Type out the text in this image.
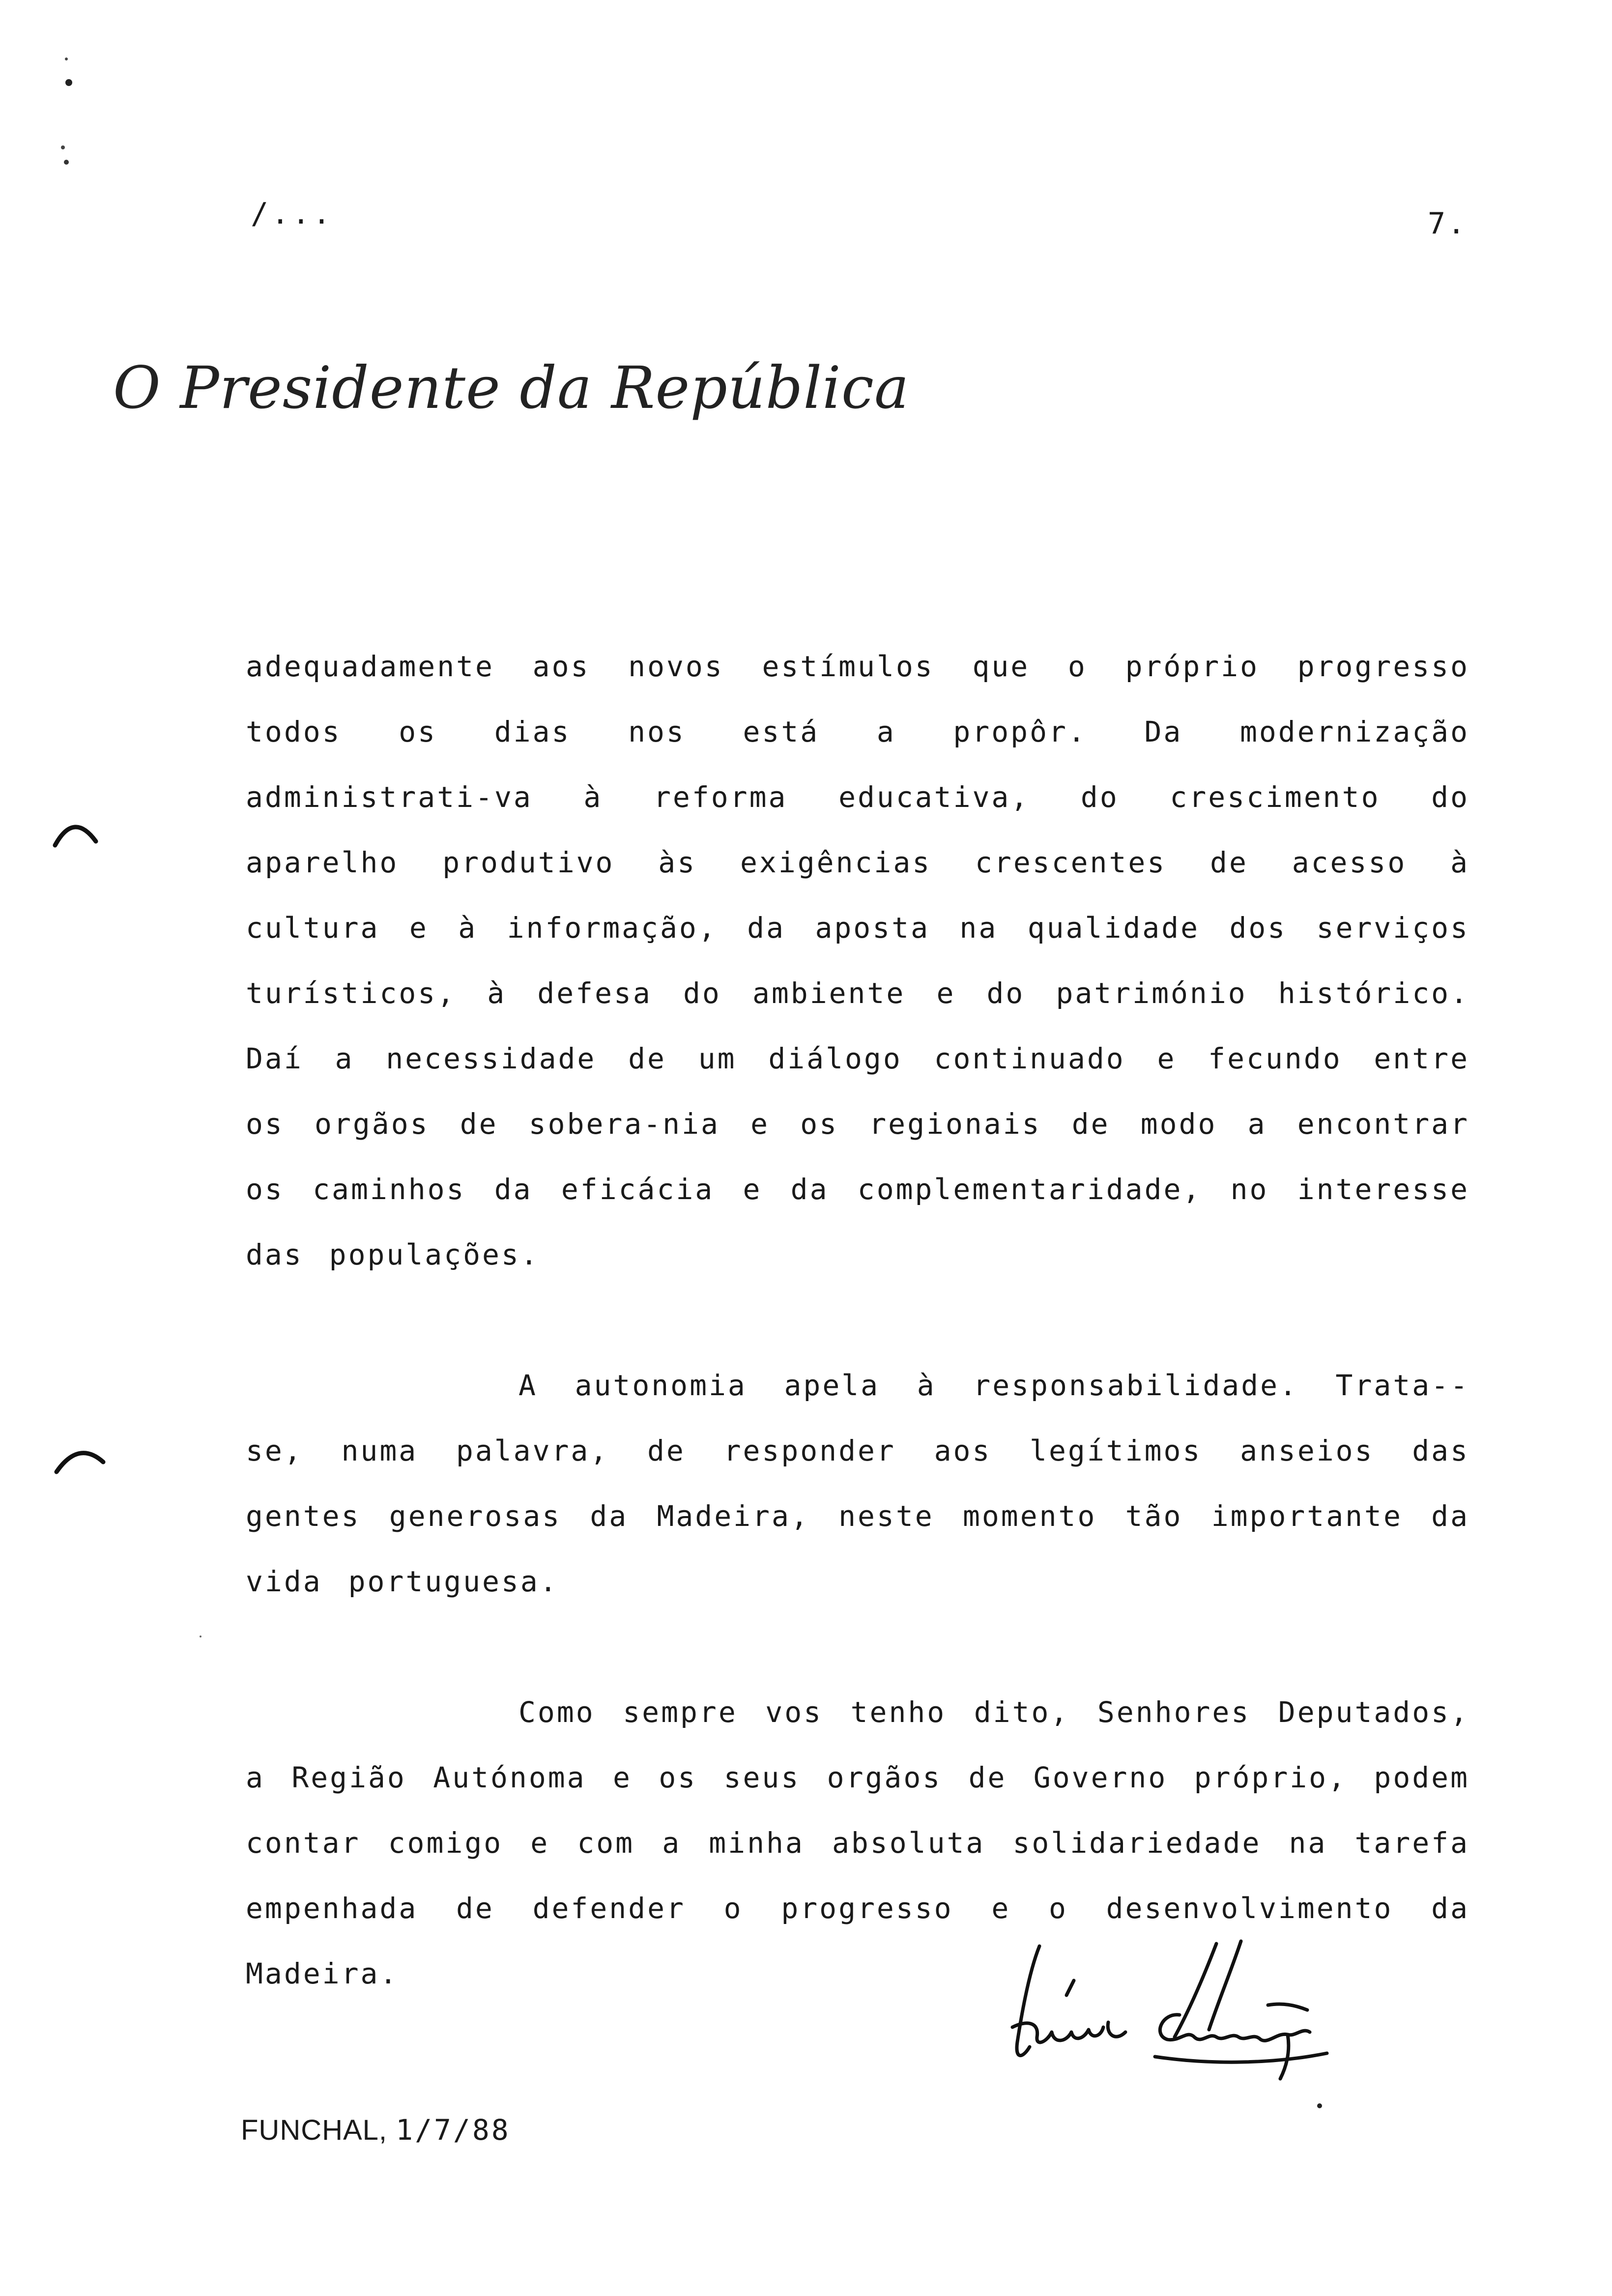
/...	7.
O Presidente da República

adequadamente aos novos estímulos que o próprio progresso todos os dias nos está a propôr. Da modernização administrati-va à reforma educativa, do crescimento do aparelho produtivo às exigências crescentes de acesso à cultura e à informação, da aposta na qualidade dos serviços turísticos, à defesa do ambiente e do património histórico. Daí a necessidade de um diálogo continuado e fecundo entre os orgãos de sobera-nia e os regionais de modo a encontrar os caminhos da eficácia e da complementaridade, no interesse das populações.

A autonomia apela à responsabilidade. Trata--se, numa palavra, de responder aos legítimos anseios das gentes generosas da Madeira, neste momento tão importante da vida portuguesa.

Como sempre vos tenho dito, Senhores Deputados, a Região Autónoma e os seus orgãos de Governo próprio, podem contar comigo e com a minha absoluta solidariedade na tarefa empenhada de defender o progresso e o desenvolvimento da Madeira.

FUNCHAL, 1/7/88
